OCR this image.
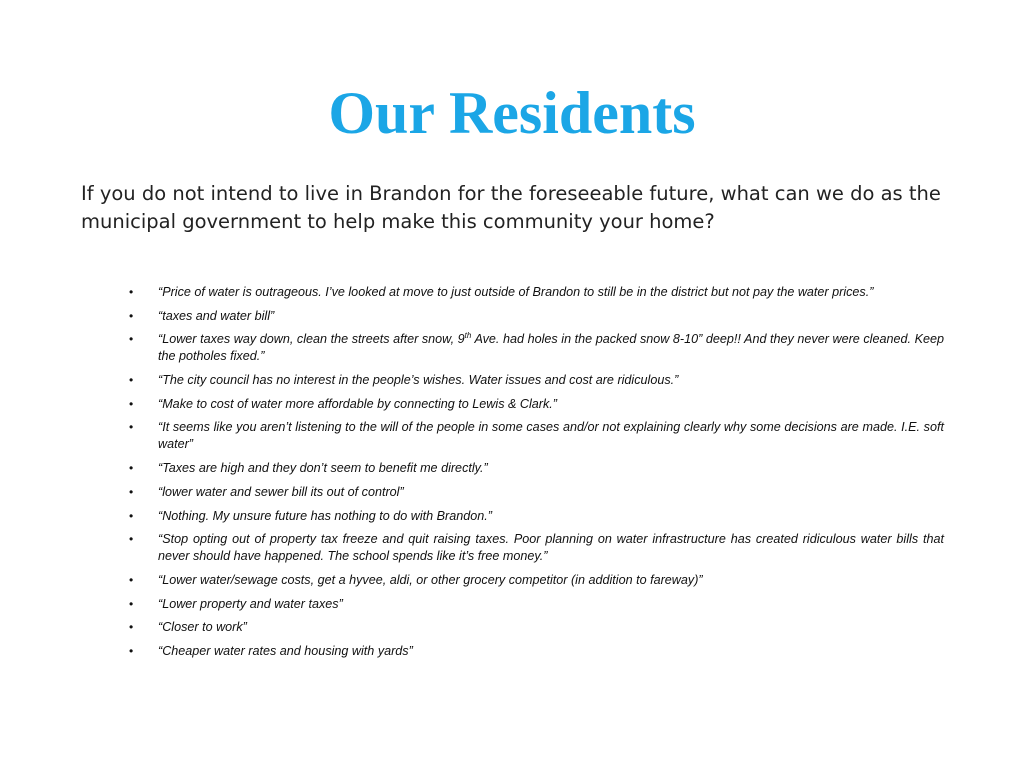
Our Residents

If you do not intend to live in Brandon for the foreseeable future, what can we do as the municipal government to help make this community your home?

• “Price of water is outrageous. I’ve looked at move to just outside of Brandon to still be in the district but not pay the water prices.”
• “taxes and water bill”
• “Lower taxes way down, clean the streets after snow, 9th Ave. had holes in the packed snow 8-10” deep!! And they never were cleaned. Keep the potholes fixed.”
• “The city council has no interest in the people’s wishes. Water issues and cost are ridiculous.”
• “Make to cost of water more affordable by connecting to Lewis & Clark.”
• “It seems like you aren’t listening to the will of the people in some cases and/or not explaining clearly why some decisions are made. I.E. soft water”
• “Taxes are high and they don’t seem to benefit me directly.”
• “lower water and sewer bill its out of control”
• “Nothing. My unsure future has nothing to do with Brandon.”
• “Stop opting out of property tax freeze and quit raising taxes. Poor planning on water infrastructure has created ridiculous water bills that never should have happened. The school spends like it’s free money.”
• “Lower water/sewage costs, get a hyvee, aldi, or other grocery competitor (in addition to fareway)”
• “Lower property and water taxes”
• “Closer to work”
• “Cheaper water rates and housing with yards”
